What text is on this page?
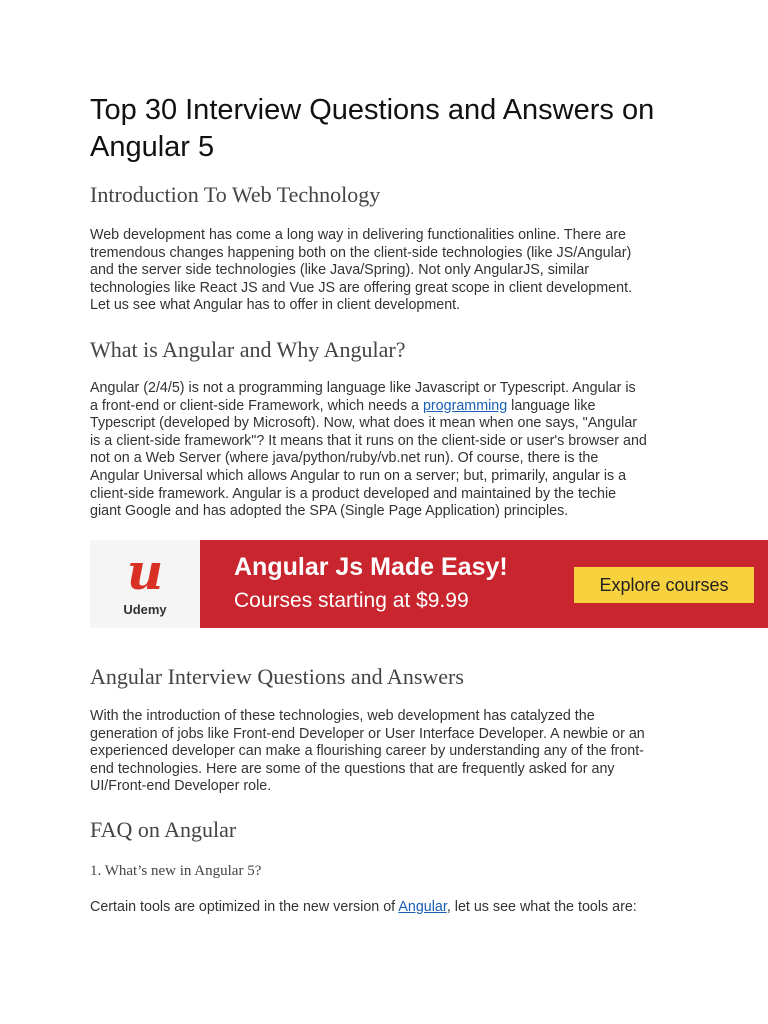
Top 30 Interview Questions and Answers on
Angular 5
Introduction To Web Technology

Web development has come a long way in delivering functionalities online. There are
tremendous changes happening both on the client-side technologies (like JS/Angular)
and the server side technologies (like Java/Spring). Not only AngularJS, similar
technologies like React JS and Vue JS are offering great scope in client development.
Let us see what Angular has to offer in client development.

What is Angular and Why Angular?

Angular (2/4/5) is not a programming language like Javascript or Typescript. Angular is
a front-end or client-side Framework, which needs a programming language like
Typescript (developed by Microsoft). Now, what does it mean when one says, "Angular
is a client-side framework"? It means that it runs on the client-side or user's browser and
not on a Web Server (where java/python/ruby/vb.net run). Of course, there is the
Angular Universal which allows Angular to run on a server; but, primarily, angular is a
client-side framework. Angular is a product developed and maintained by the techie
giant Google and has adopted the SPA (Single Page Application) principles.

u
Udemy
Angular Js Made Easy!
Courses starting at $9.99
Explore courses
Angular Interview Questions and Answers

With the introduction of these technologies, web development has catalyzed the
generation of jobs like Front-end Developer or User Interface Developer. A newbie or an
experienced developer can make a flourishing career by understanding any of the front-
end technologies. Here are some of the questions that are frequently asked for any
UI/Front-end Developer role.

FAQ on Angular
1. What’s new in Angular 5?

Certain tools are optimized in the new version of Angular, let us see what the tools are:
